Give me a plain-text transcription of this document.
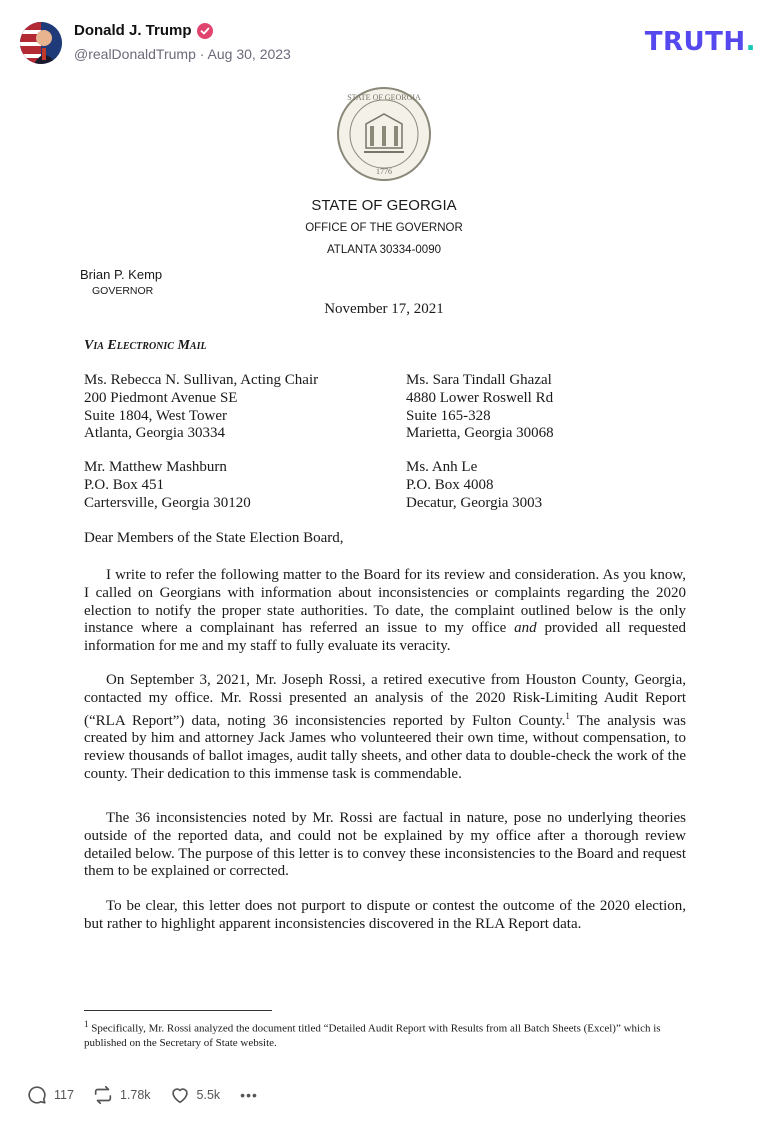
Donald J. Trump
@realDonaldTrump · Aug 30, 2023	TRUTH.
STATE OF GEORGIA
1776
STATE OF GEORGIA
OFFICE OF THE GOVERNOR
ATLANTA 30334-0090
Brian P. Kemp
GOVERNOR
November 17, 2021
Via Electronic Mail
Ms. Rebecca N. Sullivan, Acting Chair
200 Piedmont Avenue SE
Suite 1804, West Tower
Atlanta, Georgia 30334
Ms. Sara Tindall Ghazal
4880 Lower Roswell Rd
Suite 165-328
Marietta, Georgia 30068
Mr. Matthew Mashburn
P.O. Box 451
Cartersville, Georgia 30120
Ms. Anh Le
P.O. Box 4008
Decatur, Georgia 3003
Dear Members of the State Election Board,

I write to refer the following matter to the Board for its review and consideration. As you know, I called on Georgians with information about inconsistencies or complaints regarding the 2020 election to notify the proper state authorities. To date, the complaint outlined below is the only instance where a complainant has referred an issue to my office and provided all requested information for me and my staff to fully evaluate its veracity.

On September 3, 2021, Mr. Joseph Rossi, a retired executive from Houston County, Georgia, contacted my office. Mr. Rossi presented an analysis of the 2020 Risk-Limiting Audit Report (“RLA Report”) data, noting 36 inconsistencies reported by Fulton County.$^1$ The analysis was created by him and attorney Jack James who volunteered their own time, without compensation, to review thousands of ballot images, audit tally sheets, and other data to double-check the work of the county. Their dedication to this immense task is commendable.

The 36 inconsistencies noted by Mr. Rossi are factual in nature, pose no underlying theories outside of the reported data, and could not be explained by my office after a thorough review detailed below. The purpose of this letter is to convey these inconsistencies to the Board and request them to be explained or corrected.

To be clear, this letter does not purport to dispute or contest the outcome of the 2020 election, but rather to highlight apparent inconsistencies discovered in the RLA Report data.

$^1$ Specifically, Mr. Rossi analyzed the document titled “Detailed Audit Report with Results from all Batch Sheets (Excel)” which is published on the Secretary of State website.
117	1.78k	5.5k •••
